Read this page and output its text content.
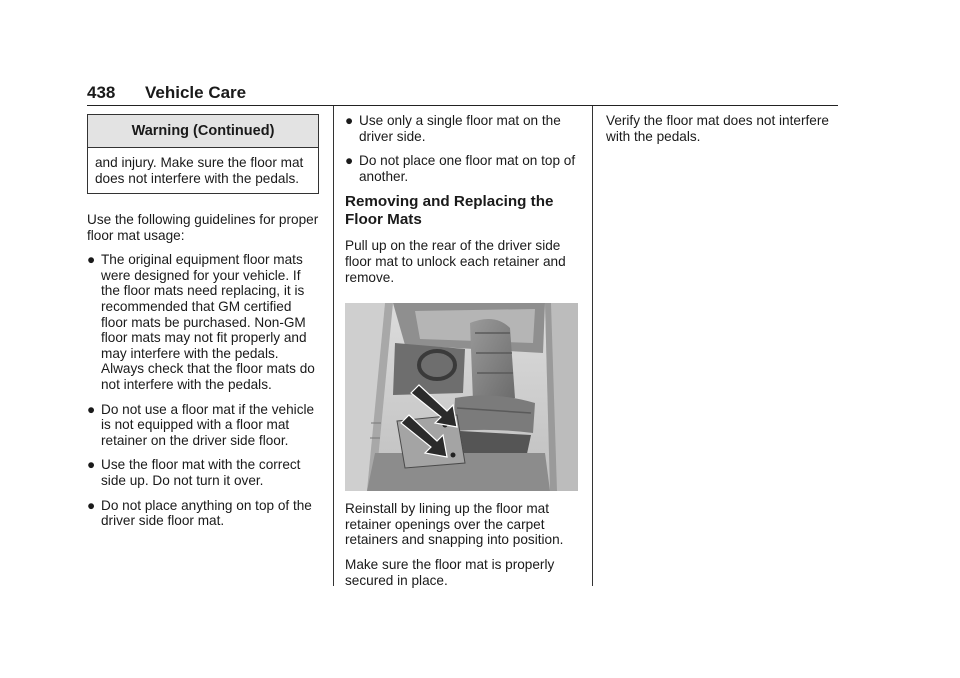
438 Vehicle Care
Warning (Continued)
and injury. Make sure the floor mat does not interfere with the pedals.

Use the following guidelines for proper floor mat usage:

● The original equipment floor mats were designed for your vehicle. If the floor mats need replacing, it is recommended that GM certified floor mats be purchased. Non-GM floor mats may not fit properly and may interfere with the pedals. Always check that the floor mats do not interfere with the pedals.
● Do not use a floor mat if the vehicle is not equipped with a floor mat retainer on the driver side floor.
● Use the floor mat with the correct side up. Do not turn it over.
● Do not place anything on top of the driver side floor mat.
● Use only a single floor mat on the driver side.
● Do not place one floor mat on top of another.
Removing and Replacing the Floor Mats

Pull up on the rear of the driver side floor mat to unlock each retainer and remove.

Reinstall by lining up the floor mat retainer openings over the carpet retainers and snapping into position.

Make sure the floor mat is properly secured in place.

Verify the floor mat does not interfere with the pedals.
